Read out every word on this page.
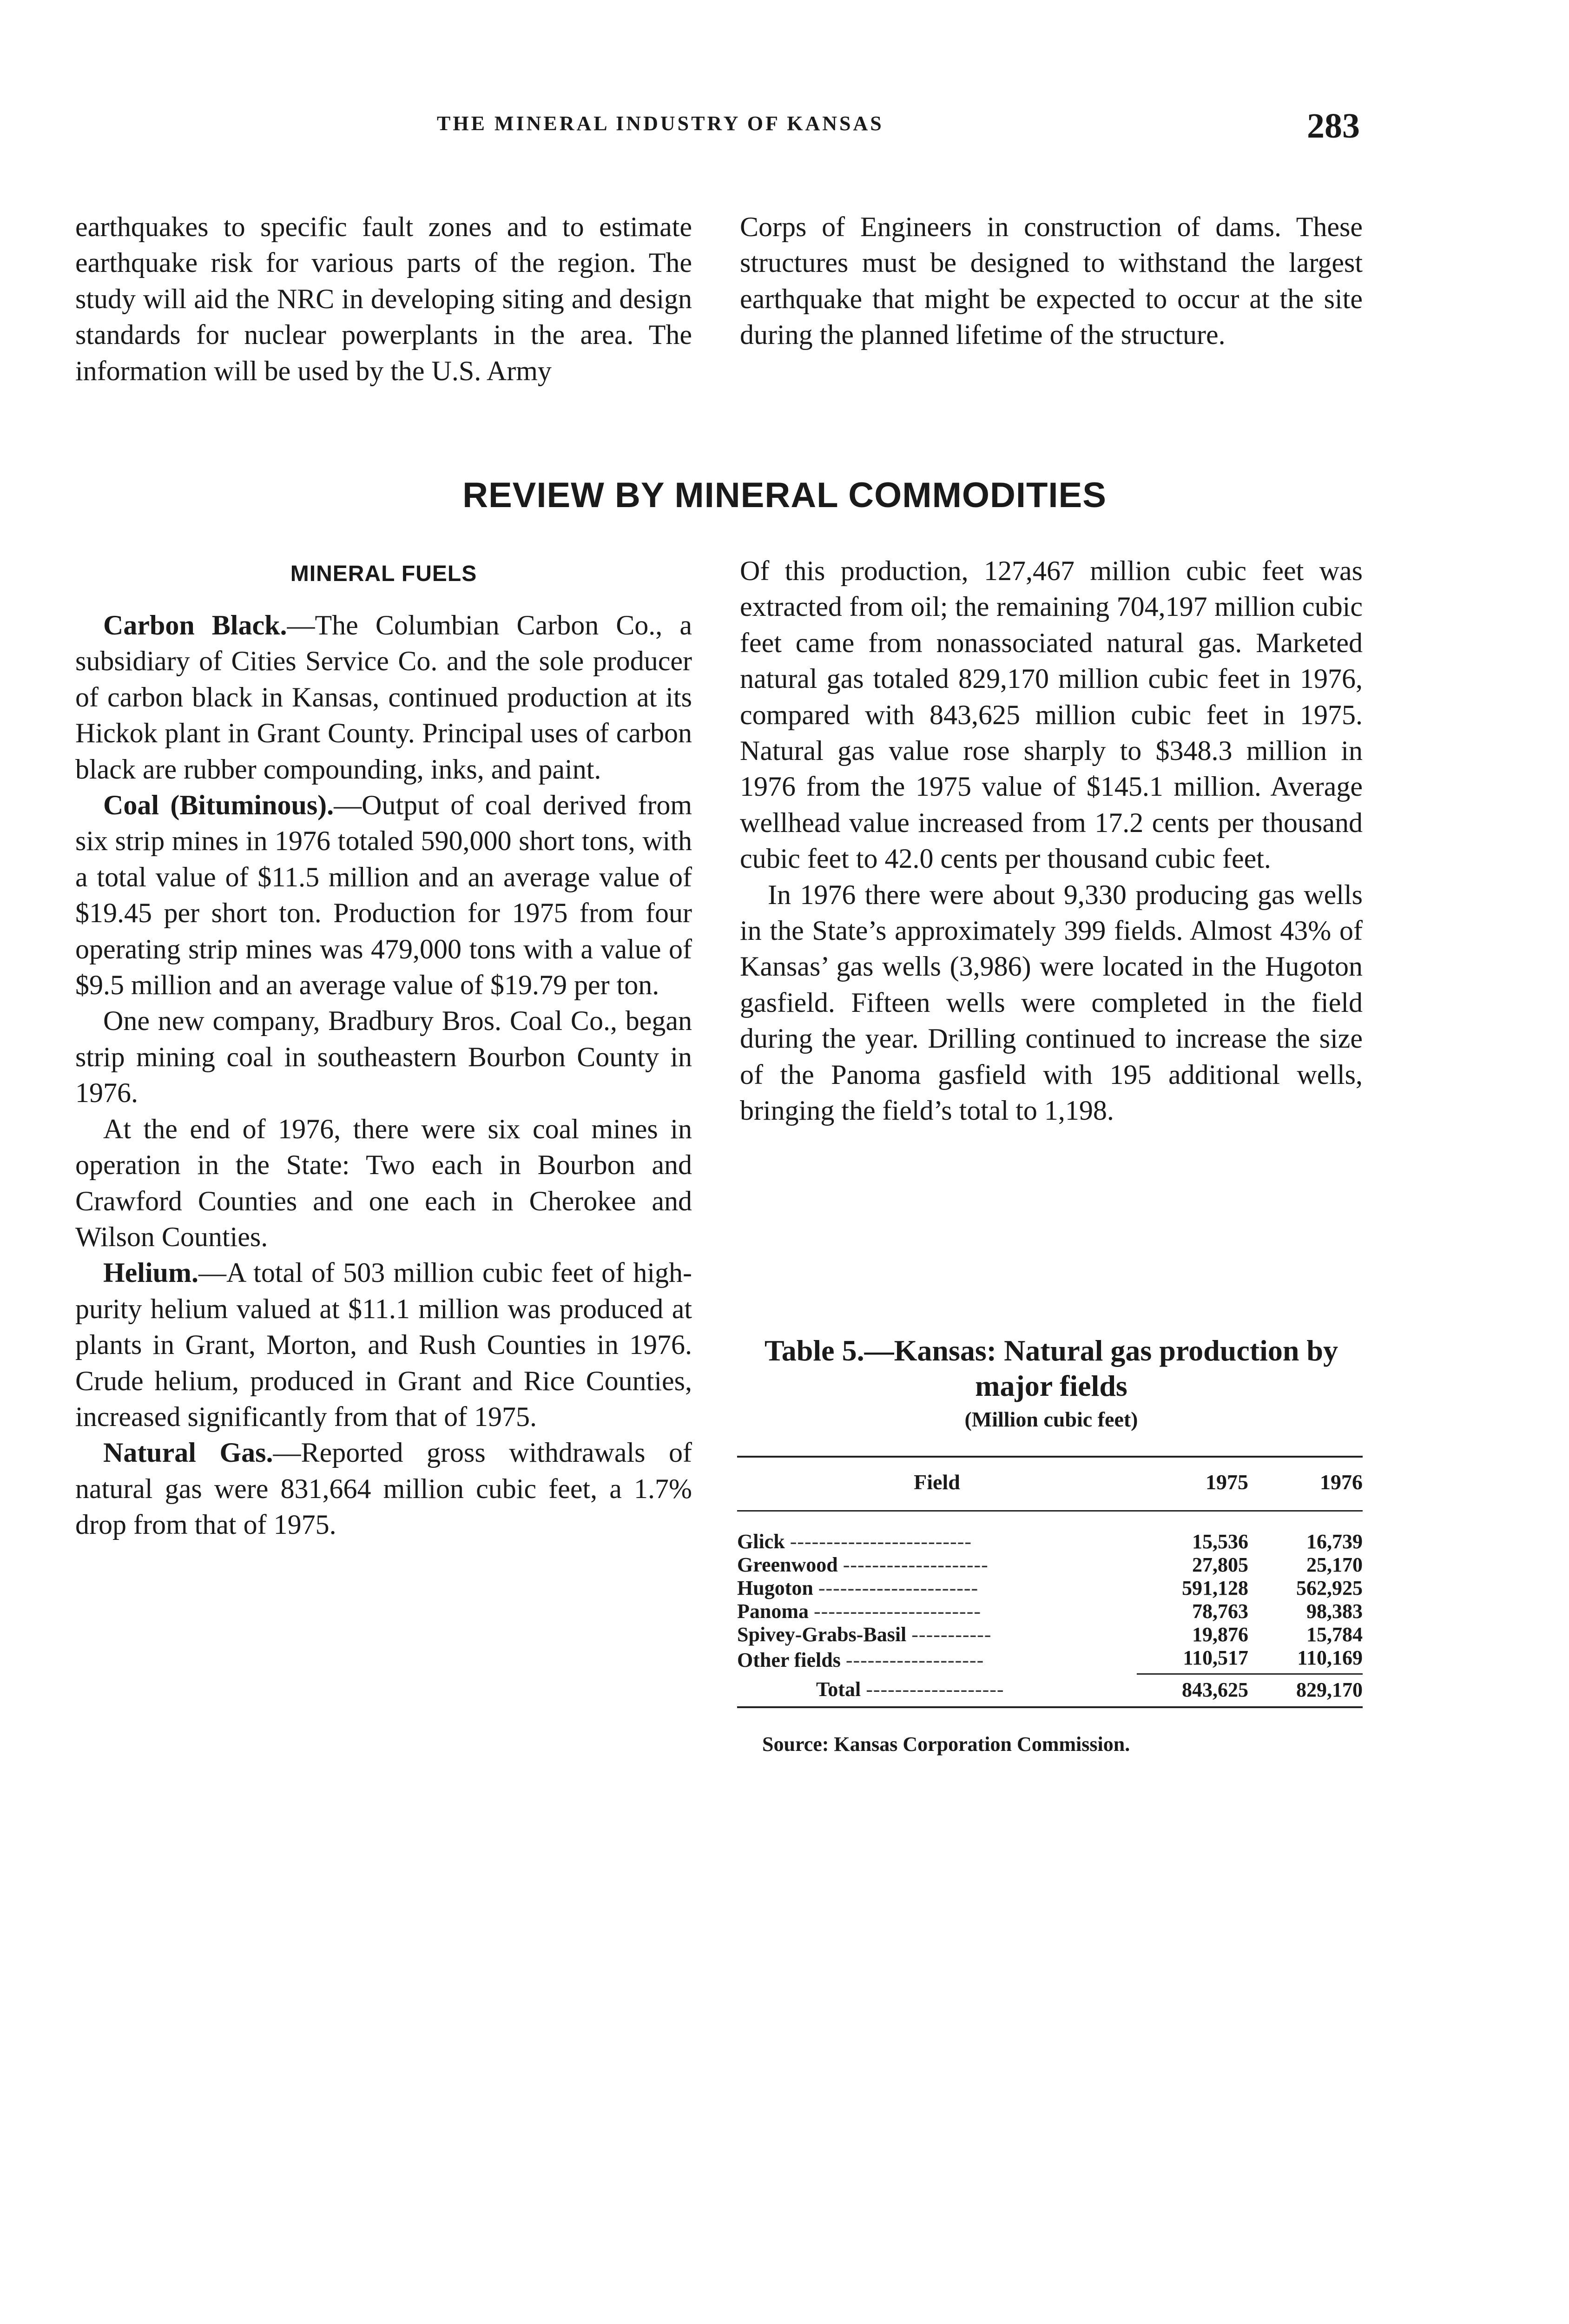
THE MINERAL INDUSTRY OF KANSAS	283

earthquakes to specific fault zones and to estimate earthquake risk for various parts of the region. The study will aid the NRC in developing siting and design standards for nuclear powerplants in the area. The information will be used by the U.S. Army

Corps of Engineers in construction of dams. These structures must be designed to withstand the largest earthquake that might be expected to occur at the site during the planned lifetime of the structure.

REVIEW BY MINERAL COMMODITIES
MINERAL FUELS

Carbon Black.—The Columbian Carbon Co., a subsidiary of Cities Service Co. and the sole producer of carbon black in Kansas, continued production at its Hickok plant in Grant County. Principal uses of carbon black are rubber compounding, inks, and paint.

Coal (Bituminous).—Output of coal derived from six strip mines in 1976 totaled 590,000 short tons, with a total value of $11.5 million and an average value of $19.45 per short ton. Production for 1975 from four operating strip mines was 479,000 tons with a value of $9.5 million and an average value of $19.79 per ton.

One new company, Bradbury Bros. Coal Co., began strip mining coal in southeastern Bourbon County in 1976.

At the end of 1976, there were six coal mines in operation in the State: Two each in Bourbon and Crawford Counties and one each in Cherokee and Wilson Counties.

Helium.—A total of 503 million cubic feet of high-purity helium valued at $11.1 million was produced at plants in Grant, Morton, and Rush Counties in 1976. Crude helium, produced in Grant and Rice Counties, increased significantly from that of 1975.

Natural Gas.—Reported gross withdrawals of natural gas were 831,664 million cubic feet, a 1.7% drop from that of 1975.

Of this production, 127,467 million cubic feet was extracted from oil; the remaining 704,197 million cubic feet came from nonassociated natural gas. Marketed natural gas totaled 829,170 million cubic feet in 1976, compared with 843,625 million cubic feet in 1975. Natural gas value rose sharply to $348.3 million in 1976 from the 1975 value of $145.1 million. Average wellhead value increased from 17.2 cents per thousand cubic feet to 42.0 cents per thousand cubic feet.

In 1976 there were about 9,330 producing gas wells in the State’s approximately 399 fields. Almost 43% of Kansas’ gas wells (3,986) were located in the Hugoton gasfield. Fifteen wells were completed in the field during the year. Drilling continued to increase the size of the Panoma gasfield with 195 additional wells, bringing the field’s total to 1,198.

Table 5.—Kansas: Natural gas production by major fields
(Million cubic feet)
Field	1975	1976
Glick -------------------------	15,536	16,739
Greenwood --------------------	27,805	25,170
Hugoton ----------------------	591,128	562,925
Panoma -----------------------	78,763	98,383
Spivey-Grabs-Basil -----------	19,876	15,784
Other fields -------------------	110,517	110,169
Total -------------------	843,625	829,170
Source: Kansas Corporation Commission.
